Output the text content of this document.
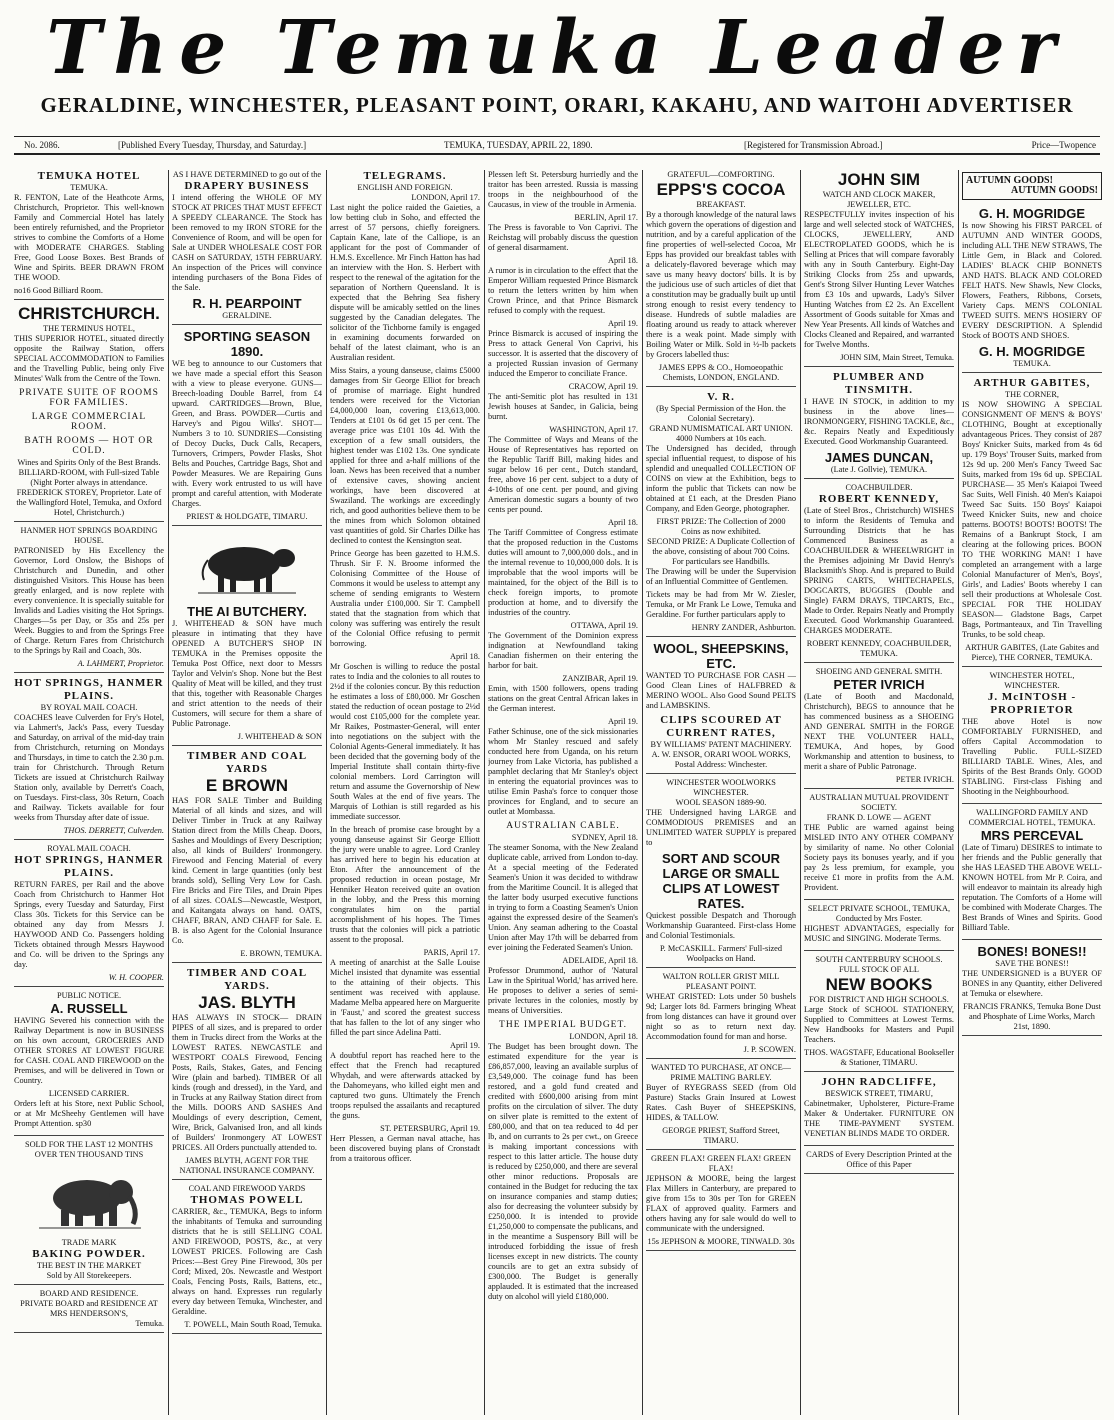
The Temuka Leader
GERALDINE, WINCHESTER, PLEASANT POINT, ORARI, KAKAHU, AND WAITOHI ADVERTISER
No. 2086.	[Published Every Tuesday, Thursday, and Saturday.]	TEMUKA, TUESDAY, APRIL 22, 1890.	[Registered for Transmission Abroad.]	Price—Twopence
TEMUKA HOTEL
TEMUKA.
R. FENTON, Late of the Heathcote Arms, Christchurch, Proprietor. This well-known Family and Commercial Hotel has lately been entirely refurnished, and the Proprietor strives to combine the Comforts of a Home with MODERATE CHARGES. Stabling Free, Good Loose Boxes. Best Brands of Wine and Spirits. BEER DRAWN FROM THE WOOD.
no16 Good Billiard Room.
CHRISTCHURCH.
THE TERMINUS HOTEL,
THIS SUPERIOR HOTEL, situated directly opposite the Railway Station, offers SPECIAL ACCOMMODATION to Families and the Travelling Public, being only Five Minutes' Walk from the Centre of the Town.
PRIVATE SUITE OF ROOMS FOR FAMILIES.
LARGE COMMERCIAL ROOM.
BATH ROOMS — HOT OR COLD.
Wines and Spirits Only of the Best Brands.
BILLIARD-ROOM, with Full-sized Table (Night Porter always in attendance.
FREDERICK STOREY, Proprietor. Late of the Wallingford Hotel, Temuka, and Oxford Hotel, Christchurch.)
HANMER HOT SPRINGS BOARDING HOUSE.
PATRONISED by His Excellency the Governor, Lord Onslow, the Bishops of Christchurch and Dunedin, and other distinguished Visitors. This House has been greatly enlarged, and is now replete with every convenience. It is specially suitable for Invalids and Ladies visiting the Hot Springs. Charges—5s per Day, or 35s and 25s per Week. Buggies to and from the Springs Free of Charge. Return Fares from Christchurch to the Springs by Rail and Coach, 30s.
A. LAHMERT, Proprietor.
HOT SPRINGS, HANMER PLAINS.
BY ROYAL MAIL COACH.
COACHES leave Culverden for Fry's Hotel, via Lahmert's, Jack's Pass, every Tuesday and Saturday, on arrival of the mid-day train from Christchurch, returning on Mondays and Thursdays, in time to catch the 2.30 p.m. train for Christchurch. Through Return Tickets are issued at Christchurch Railway Station only, available by Derrett's Coach, on Tuesdays. First-class, 30s Return, Coach and Railway. Tickets available for four weeks from Thursday after date of issue.
THOS. DERRETT, Culverden.
ROYAL MAIL COACH.
HOT SPRINGS, HANMER PLAINS.
RETURN FARES, per Rail and the above Coach from Christchurch to Hanmer Hot Springs, every Tuesday and Saturday, First Class 30s. Tickets for this Service can be obtained any day from Messrs J. HAYWOOD AND Co. Passengers holding Tickets obtained through Messrs Haywood and Co. will be driven to the Springs any day.
W. H. COOPER.
PUBLIC NOTICE.
A. RUSSELL
HAVING Severed his connection with the Railway Department is now in BUSINESS on his own account, GROCERIES AND OTHER STORES AT LOWEST FIGURE for CASH. COAL AND FIREWOOD on the Premises, and will be delivered in Town or Country.
LICENSED CARRIER.
Orders left at his Store, next Public School, or at Mr McSheehy Gentlemen will have Prompt Attention. sp30
SOLD FOR THE LAST 12 MONTHS OVER TEN THOUSAND TINS
TRADE MARK
BAKING POWDER.
THE BEST IN THE MARKET
Sold by All Storekeepers.
BOARD AND RESIDENCE.
PRIVATE BOARD and RESIDENCE AT MRS HENDERSON'S,
Temuka.
AS I HAVE DETERMINED to go out of the
DRAPERY BUSINESS
I intend offering the WHOLE OF MY STOCK AT PRICES THAT MUST EFFECT A SPEEDY CLEARANCE. The Stock has been removed to my IRON STORE for the Convenience of Room, and will be open for Sale at UNDER WHOLESALE COST FOR CASH on SATURDAY, 15TH FEBRUARY. An inspection of the Prices will convince intending purchasers of the Bona Fides of the Sale.
R. H. PEARPOINT
GERALDINE.
SPORTING SEASON 1890.
WE beg to announce to our Customers that we have made a special effort this Season with a view to please everyone. GUNS—Breech-loading Double Barrel, from £4 upward. CARTRIDGES—Brown, Blue, Green, and Brass. POWDER—Curtis and Harvey's and Pigou Wilks'. SHOT—Numbers 3 to 10. SUNDRIES—Consisting of Decoy Ducks, Duck Calls, Recapers, Turnovers, Crimpers, Powder Flasks, Shot Belts and Pouches, Cartridge Bags, Shot and Powder Measures. We are Repairing Guns with. Every work entrusted to us will have prompt and careful attention, with Moderate Charges.
PRIEST & HOLDGATE, TIMARU.
THE AI BUTCHERY.
J. WHITEHEAD & SON have much pleasure in intimating that they have OPENED A BUTCHER'S SHOP IN TEMUKA in the Premises opposite the Temuka Post Office, next door to Messrs Taylor and Velvin's Shop. None but the Best Quality of Meat will be killed, and they trust that this, together with Reasonable Charges and strict attention to the needs of their Customers, will secure for them a share of Public Patronage.
J. WHITEHEAD & SON
TIMBER AND COAL YARDS
E BROWN
HAS FOR SALE Timber and Building Material of all kinds and sizes, and will Deliver Timber in Truck at any Railway Station direct from the Mills Cheap. Doors, Sashes and Mouldings of Every Description; also, all kinds of Builders' Ironmongery. Firewood and Fencing Material of every kind. Cement in large quantities (only best brands sold), Selling Very Low for Cash. Fire Bricks and Fire Tiles, and Drain Pipes of all sizes. COALS—Newcastle, Westport, and Kaitangata always on hand. OATS, CHAFF, BRAN, AND CHAFF for Sale. E. B. is also Agent for the Colonial Insurance Co.
E. BROWN, TEMUKA.
TIMBER AND COAL YARDS.
JAS. BLYTH
HAS ALWAYS IN STOCK— DRAIN PIPES of all sizes, and is prepared to order them in Trucks direct from the Works at the LOWEST RATES. NEWCASTLE and WESTPORT COALS Firewood, Fencing Posts, Rails, Stakes, Gates, and Fencing Wire (plain and barbed). TIMBER Of all kinds (rough and dressed), in the Yard, and in Trucks at any Railway Station direct from the Mills. DOORS AND SASHES And Mouldings of every description, Cement, Wire, Brick, Galvanised Iron, and all kinds of Builders' Ironmongery AT LOWEST PRICES. All Orders punctually attended to.
JAMES BLYTH, AGENT FOR THE NATIONAL INSURANCE COMPANY.
COAL AND FIREWOOD YARDS
THOMAS POWELL
CARRIER, &c., TEMUKA, Begs to inform the inhabitants of Temuka and surrounding districts that he is still SELLING COAL AND FIREWOOD, POSTS, &c., at very LOWEST PRICES. Following are Cash Prices:—Best Grey Pine Firewood, 30s per Cord; Mixed, 20s. Newcastle and Westport Coals, Fencing Posts, Rails, Battens, etc., always on hand. Expresses run regularly every day between Temuka, Winchester, and Geraldine.
T. POWELL, Main South Road, Temuka.
TELEGRAMS.
ENGLISH AND FOREIGN.
LONDON, April 17.
Last night the police raided the Gaieties, a low betting club in Soho, and effected the arrest of 57 persons, chiefly foreigners. Captain Kane, late of the Calliope, is an applicant for the post of Commander of H.M.S. Excellence. Mr Finch Hatton has had an interview with the Hon. S. Herbert with respect to the renewal of the agitation for the separation of Northern Queensland. It is expected that the Behring Sea fishery dispute will be amicably settled on the lines suggested by the Canadian delegates. The solicitor of the Tichborne family is engaged in examining documents forwarded on behalf of the latest claimant, who is an Australian resident.
Miss Stairs, a young danseuse, claims £5000 damages from Sir George Elliot for breach of promise of marriage. Eight hundred tenders were received for the Victorian £4,000,000 loan, covering £13,613,000. Tenders at £101 0s 6d get 15 per cent. The average price was £101 10s 4d. With the exception of a few small outsiders, the highest tender was £102 13s. One syndicate applied for three and a-half millions of the loan. News has been received that a number of extensive caves, showing ancient workings, have been discovered at Swaziland. The workings are exceedingly rich, and good authorities believe them to be the mines from which Solomon obtained vast quantities of gold. Sir Charles Dilke has declined to contest the Kensington seat.
Prince George has been gazetted to H.M.S. Thrush. Sir F. N. Broome informed the Colonising Committee of the House of Commons it would be useless to attempt any scheme of sending emigrants to Western Australia under £100,000. Sir T. Campbell stated that the stagnation from which that colony was suffering was entirely the result of the Colonial Office refusing to permit borrowing.
April 18.
Mr Goschen is willing to reduce the postal rates to India and the colonies to all routes to 2½d if the colonies concur. By this reduction he estimates a loss of £80,000. Mr Goschen stated the reduction of ocean postage to 2½d would cost £105,000 for the complete year. Mr Raikes, Postmaster-General, will enter into negotiations on the subject with the Colonial Agents-General immediately. It has been decided that the governing body of the Imperial Institute shall contain thirty-five colonial members. Lord Carrington will return and assume the Governorship of New South Wales at the end of five years. The Marquis of Lothian is still regarded as his immediate successor.
In the breach of promise case brought by a young danseuse against Sir George Elliott the jury were unable to agree. Lord Cranley has arrived here to begin his education at Eton. After the announcement of the proposed reduction in ocean postage, Mr Henniker Heaton received quite an ovation in the lobby, and the Press this morning congratulates him on the partial accomplishment of his hopes. The Times trusts that the colonies will pick a patriotic assent to the proposal.
PARIS, April 17.
A meeting of anarchist at the Salle Louise Michel insisted that dynamite was essential to the attaining of their objects. This sentiment was received with applause. Madame Melba appeared here on Marguerite in 'Faust,' and scored the greatest success that has fallen to the lot of any singer who filled the part since Adelina Patti.
April 19.
A doubtful report has reached here to the effect that the French had recaptured Whydah, and were afterwards attacked by the Dahomeyans, who killed eight men and captured two guns. Ultimately the French troops repulsed the assailants and recaptured the guns.
ST. PETERSBURG, April 19.
Herr Plessen, a German naval attache, has been discovered buying plans of Cronstadt from a traitorous officer.
Plessen left St. Petersburg hurriedly and the traitor has been arrested. Russia is massing troops in the neighbourhood of the Caucasus, in view of the trouble in Armenia.
BERLIN, April 17.
The Press is favorable to Von Caprivi. The Reichstag will probably discuss the question of general disarmament.
April 18.
A rumor is in circulation to the effect that the Emperor William requested Prince Bismarck to return the letters written by him when Crown Prince, and that Prince Bismarck refused to comply with the request.
April 19.
Prince Bismarck is accused of inspiring the Press to attack General Von Caprivi, his successor. It is asserted that the discovery of a projected Russian invasion of Germany induced the Emperor to conciliate France.
CRACOW, April 19.
The anti-Semitic plot has resulted in 131 Jewish houses at Sandec, in Galicia, being burnt.
WASHINGTON, April 17.
The Committee of Ways and Means of the House of Representatives has reported on the Republic Tariff Bill, making hides and sugar below 16 per cent., Dutch standard, free, above 16 per cent. subject to a duty of 4-10ths of one cent. per pound, and giving American domestic sugars a bounty of two cents per pound.
April 18.
The Tariff Committee of Congress estimate that the proposed reduction in the Customs duties will amount to 7,000,000 dols., and in the internal revenue to 10,000,000 dols. It is improbable that the wool imports will be maintained, for the object of the Bill is to check foreign imports, to promote production at home, and to diversify the industries of the country.
OTTAWA, April 19.
The Government of the Dominion express indignation at Newfoundland taking Canadian fishermen on their entering the harbor for bait.
ZANZIBAR, April 19.
Emin, with 1500 followers, opens trading stations on the great Central African lakes in the German interest.
April 19.
Father Schinuse, one of the sick missionaries whom Mr Stanley rescued and safely conducted here from Uganda, on his return journey from Lake Victoria, has published a pamphlet declaring that Mr Stanley's object in entering the equatorial provinces was to utilise Emin Pasha's force to conquer those provinces for England, and to secure an outlet at Mombassa.
AUSTRALIAN CABLE.
SYDNEY, April 18.
The steamer Sonoma, with the New Zealand duplicate cable, arrived from London to-day. At a special meeting of the Federated Seamen's Union it was decided to withdraw from the Maritime Council. It is alleged that the latter body usurped executive functions in trying to form a Coasting Seamen's Union against the expressed desire of the Seamen's Union. Any seaman adhering to the Coastal Union after May 17th will be debarred from ever joining the Federated Seamen's Union.
ADELAIDE, April 18.
Professor Drummond, author of 'Natural Law in the Spiritual World,' has arrived here. He proposes to deliver a series of semi-private lectures in the colonies, mostly by means of Universities.
THE IMPERIAL BUDGET.
LONDON, April 18.
The Budget has been brought down. The estimated expenditure for the year is £86,857,000, leaving an available surplus of £3,549,000. The coinage fund has been restored, and a gold fund created and credited with £600,000 arising from mint profits on the circulation of silver. The duty on silver plate is remitted to the extent of £80,000, and that on tea reduced to 4d per lb, and on currants to 2s per cwt., on Greece is making important concessions with respect to this latter article. The house duty is reduced by £250,000, and there are several other minor reductions. Proposals are contained in the Budget for reducing the tax on insurance companies and stamp duties; also for decreasing the volunteer subsidy by £250,000. It is intended to provide £1,250,000 to compensate the publicans, and in the meantime a Suspensory Bill will be introduced forbidding the issue of fresh licenses except in new districts. The county councils are to get an extra subsidy of £300,000. The Budget is generally applauded. It is estimated that the increased duty on alcohol will yield £180,000.
GRATEFUL—COMFORTING.
EPPS'S COCOA
BREAKFAST.
By a thorough knowledge of the natural laws which govern the operations of digestion and nutrition, and by a careful application of the fine properties of well-selected Cocoa, Mr Epps has provided our breakfast tables with a delicately-flavored beverage which may save us many heavy doctors' bills. It is by the judicious use of such articles of diet that a constitution may be gradually built up until strong enough to resist every tendency to disease. Hundreds of subtle maladies are floating around us ready to attack wherever there is a weak point. Made simply with Boiling Water or Milk. Sold in ½-lb packets by Grocers labelled thus:
JAMES EPPS & CO., Homoeopathic Chemists, LONDON, ENGLAND.
V. R.
(By Special Permission of the Hon. the Colonial Secretary).
GRAND NUMISMATICAL ART UNION.
4000 Numbers at 10s each.
The Undersigned has decided, through special influential request, to dispose of his splendid and unequalled COLLECTION OF COINS on view at the Exhibition, begs to inform the public that Tickets can now be obtained at £1 each, at the Dresden Piano Company, and Eden George, photographer.
FIRST PRIZE: The Collection of 2000 Coins as now exhibited.
SECOND PRIZE: A Duplicate Collection of the above, consisting of about 700 Coins.
For particulars see Handbills.
The Drawing will be under the Supervision of an Influential Committee of Gentlemen.
Tickets may be had from Mr W. Ziesler, Temuka, or Mr Frank Le Lowe, Temuka and Geraldine. For further particulars apply to
HENRY ZANDER, Ashburton.
WOOL, SHEEPSKINS, ETC.
WANTED TO PURCHASE FOR CASH — Good Clean Lines of HALFBRED & MERINO WOOL. Also Good Sound PELTS and LAMBSKINS.
CLIPS SCOURED AT CURRENT RATES,
BY WILLIAMS' PATENT MACHINERY. A. W. ENSOR, ORARI WOOL WORKS, Postal Address: Winchester.
WINCHESTER WOOLWORKS
WINCHESTER.
WOOL SEASON 1889-90.
THE Undersigned having LARGE and COMMODIOUS PREMISES and an UNLIMITED WATER SUPPLY is prepared to
SORT AND SCOUR LARGE OR SMALL CLIPS AT LOWEST RATES.
Quickest possible Despatch and Thorough Workmanship Guaranteed. First-class Home and Colonial Testimonials.
P. McCASKILL. Farmers' Full-sized Woolpacks on Hand.
WALTON ROLLER GRIST MILL
PLEASANT POINT.
WHEAT GRISTED: Lots under 50 bushels 9d; Larger lots 8d. Farmers bringing Wheat from long distances can have it ground over night so as to return next day. Accommodation found for man and horse.
J. P. SCOWEN.
WANTED TO PURCHASE, AT ONCE—
PRIME MALTING BARLEY.
Buyer of RYEGRASS SEED (from Old Pasture) Stacks Grain Insured at Lowest Rates. Cash Buyer of SHEEPSKINS, HIDES, & TALLOW.
GEORGE PRIEST, Stafford Street, TIMARU.
GREEN FLAX! GREEN FLAX! GREEN FLAX!
JEPHSON & MOORE, being the largest Flax Millers in Canterbury, are prepared to give from 15s to 30s per Ton for GREEN FLAX of approved quality. Farmers and others having any for sale would do well to communicate with the undersigned.
15s JEPHSON & MOORE, TINWALD. 30s
JOHN SIM
WATCH AND CLOCK MAKER, JEWELLER, ETC.
RESPECTFULLY invites inspection of his large and well selected stock of WATCHES, CLOCKS, JEWELLERY, AND ELECTROPLATED GOODS, which he is Selling at Prices that will compare favorably with any in South Canterbury. Eight-Day Striking Clocks from 25s and upwards, Gent's Strong Silver Hunting Lever Watches from £3 10s and upwards, Lady's Silver Hunting Watches from £2 2s. An Excellent Assortment of Goods suitable for Xmas and New Year Presents. All kinds of Watches and Clocks Cleaned and Repaired, and warranted for Twelve Months.
JOHN SIM, Main Street, Temuka.
PLUMBER AND TINSMITH.
I HAVE IN STOCK, in addition to my business in the above lines— IRONMONGERY, FISHING TACKLE, &c., &c. Repairs Neatly and Expeditiously Executed. Good Workmanship Guaranteed.
JAMES DUNCAN,
(Late J. Gollvie), TEMUKA.
COACHBUILDER.
ROBERT KENNEDY,
(Late of Steel Bros., Christchurch) WISHES to inform the Residents of Temuka and Surrounding Districts that he has Commenced Business as a COACHBUILDER & WHEELWRIGHT in the Premises adjoining Mr David Henry's Blacksmith's Shop. And is prepared to Build SPRING CARTS, WHITECHAPELS, DOGCARTS, BUGGIES (Double and Single) FARM DRAYS, TIPCARTS, Etc., Made to Order. Repairs Neatly and Promptly Executed. Good Workmanship Guaranteed. CHARGES MODERATE.
ROBERT KENNEDY, COACHBUILDER, TEMUKA.
SHOEING AND GENERAL SMITH.
PETER IVRICH
(Late of Booth and Macdonald, Christchurch), BEGS to announce that he has commenced business as a SHOEING AND GENERAL SMITH in the FORGE NEXT THE VOLUNTEER HALL, TEMUKA, And hopes, by Good Workmanship and attention to business, to merit a share of Public Patronage.
PETER IVRICH.
AUSTRALIAN MUTUAL PROVIDENT SOCIETY.
FRANK D. LOWE — AGENT
THE Public are warned against being MISLED INTO ANY OTHER COMPANY by similarity of name. No other Colonial Society pays its bonuses yearly, and if you pay 2s less premium, for example, you receive £1 more in profits from the A.M. Provident.
SELECT PRIVATE SCHOOL, TEMUKA,
Conducted by Mrs Foster.
HIGHEST ADVANTAGES, especially for MUSIC and SINGING. Moderate Terms.
SOUTH CANTERBURY SCHOOLS.
FULL STOCK OF ALL
NEW BOOKS
FOR DISTRICT AND HIGH SCHOOLS.
Large Stock of SCHOOL STATIONERY, Supplied to Committees at Lowest Terms. New Handbooks for Masters and Pupil Teachers.
THOS. WAGSTAFF, Educational Bookseller & Stationer, TIMARU.
JOHN RADCLIFFE,
BESWICK STREET, TIMARU,
Cabinetmaker, Upholsterer, Picture-Frame Maker & Undertaker. FURNITURE ON THE TIME-PAYMENT SYSTEM. VENETIAN BLINDS MADE TO ORDER.
CARDS of Every Description Printed at the Office of this Paper
AUTUMN GOODS!
AUTUMN GOODS!
G. H. MOGRIDGE
Is now Showing his FIRST PARCEL of AUTUMN AND WINTER GOODS, including ALL THE NEW STRAWS, The Little Gem, in Black and Colored. LADIES' BLACK CHIP BONNETS AND HATS. BLACK AND COLORED FELT HATS. New Shawls, New Clocks, Flowers, Feathers, Ribbons, Corsets, Variety Caps. MEN'S COLONIAL TWEED SUITS. MEN'S HOSIERY OF EVERY DESCRIPTION. A Splendid Stock of BOOTS AND SHOES.
G. H. MOGRIDGE
TEMUKA.
ARTHUR GABITES,
THE CORNER,
IS NOW SHOWING A SPECIAL CONSIGNMENT OF MEN'S & BOYS' CLOTHING, Bought at exceptionally advantageous Prices. They consist of 287 Boys' Knicker Suits, marked from 4s 6d up. 179 Boys' Trouser Suits, marked from 12s 9d up. 200 Men's Fancy Tweed Sac Suits, marked from 19s 6d up. SPECIAL PURCHASE— 35 Men's Kaiapoi Tweed Sac Suits, Well Finish. 40 Men's Kaiapoi Tweed Sac Suits. 150 Boys' Kaiapoi Tweed Knicker Suits, new and choice patterns. BOOTS! BOOTS! BOOTS! The Remains of a Bankrupt Stock, I am clearing at the following prices. BOON TO THE WORKING MAN! I have completed an arrangement with a large Colonial Manufacturer of Men's, Boys', Girls', and Ladies' Boots whereby I can sell their productions at Wholesale Cost. SPECIAL FOR THE HOLIDAY SEASON— Gladstone Bags, Carpet Bags, Portmanteaux, and Tin Travelling Trunks, to be sold cheap.
ARTHUR GABITES, (Late Gabites and Pierce), THE CORNER, TEMUKA.
WINCHESTER HOTEL, WINCHESTER.
J. McINTOSH - PROPRIETOR
THE above Hotel is now COMFORTABLY FURNISHED, and offers Capital Accommodation to Travelling Public. FULL-SIZED BILLIARD TABLE. Wines, Ales, and Spirits of the Best Brands Only. GOOD STABLING. First-class Fishing and Shooting in the Neighbourhood.
WALLINGFORD FAMILY AND COMMERCIAL HOTEL, TEMUKA.
MRS PERCEVAL
(Late of Timaru) DESIRES to intimate to her friends and the Public generally that she HAS LEASED THE ABOVE WELL-KNOWN HOTEL from Mr P. Coira, and will endeavor to maintain its already high reputation. The Comforts of a Home will be combined with Moderate Charges. The Best Brands of Wines and Spirits. Good Billiard Table.
BONES! BONES!!
SAVE THE BONES!!
THE UNDERSIGNED is a BUYER OF BONES in any Quantity, either Delivered at Temuka or elsewhere.
FRANCIS FRANKS, Temuka Bone Dust and Phosphate of Lime Works, March 21st, 1890.
